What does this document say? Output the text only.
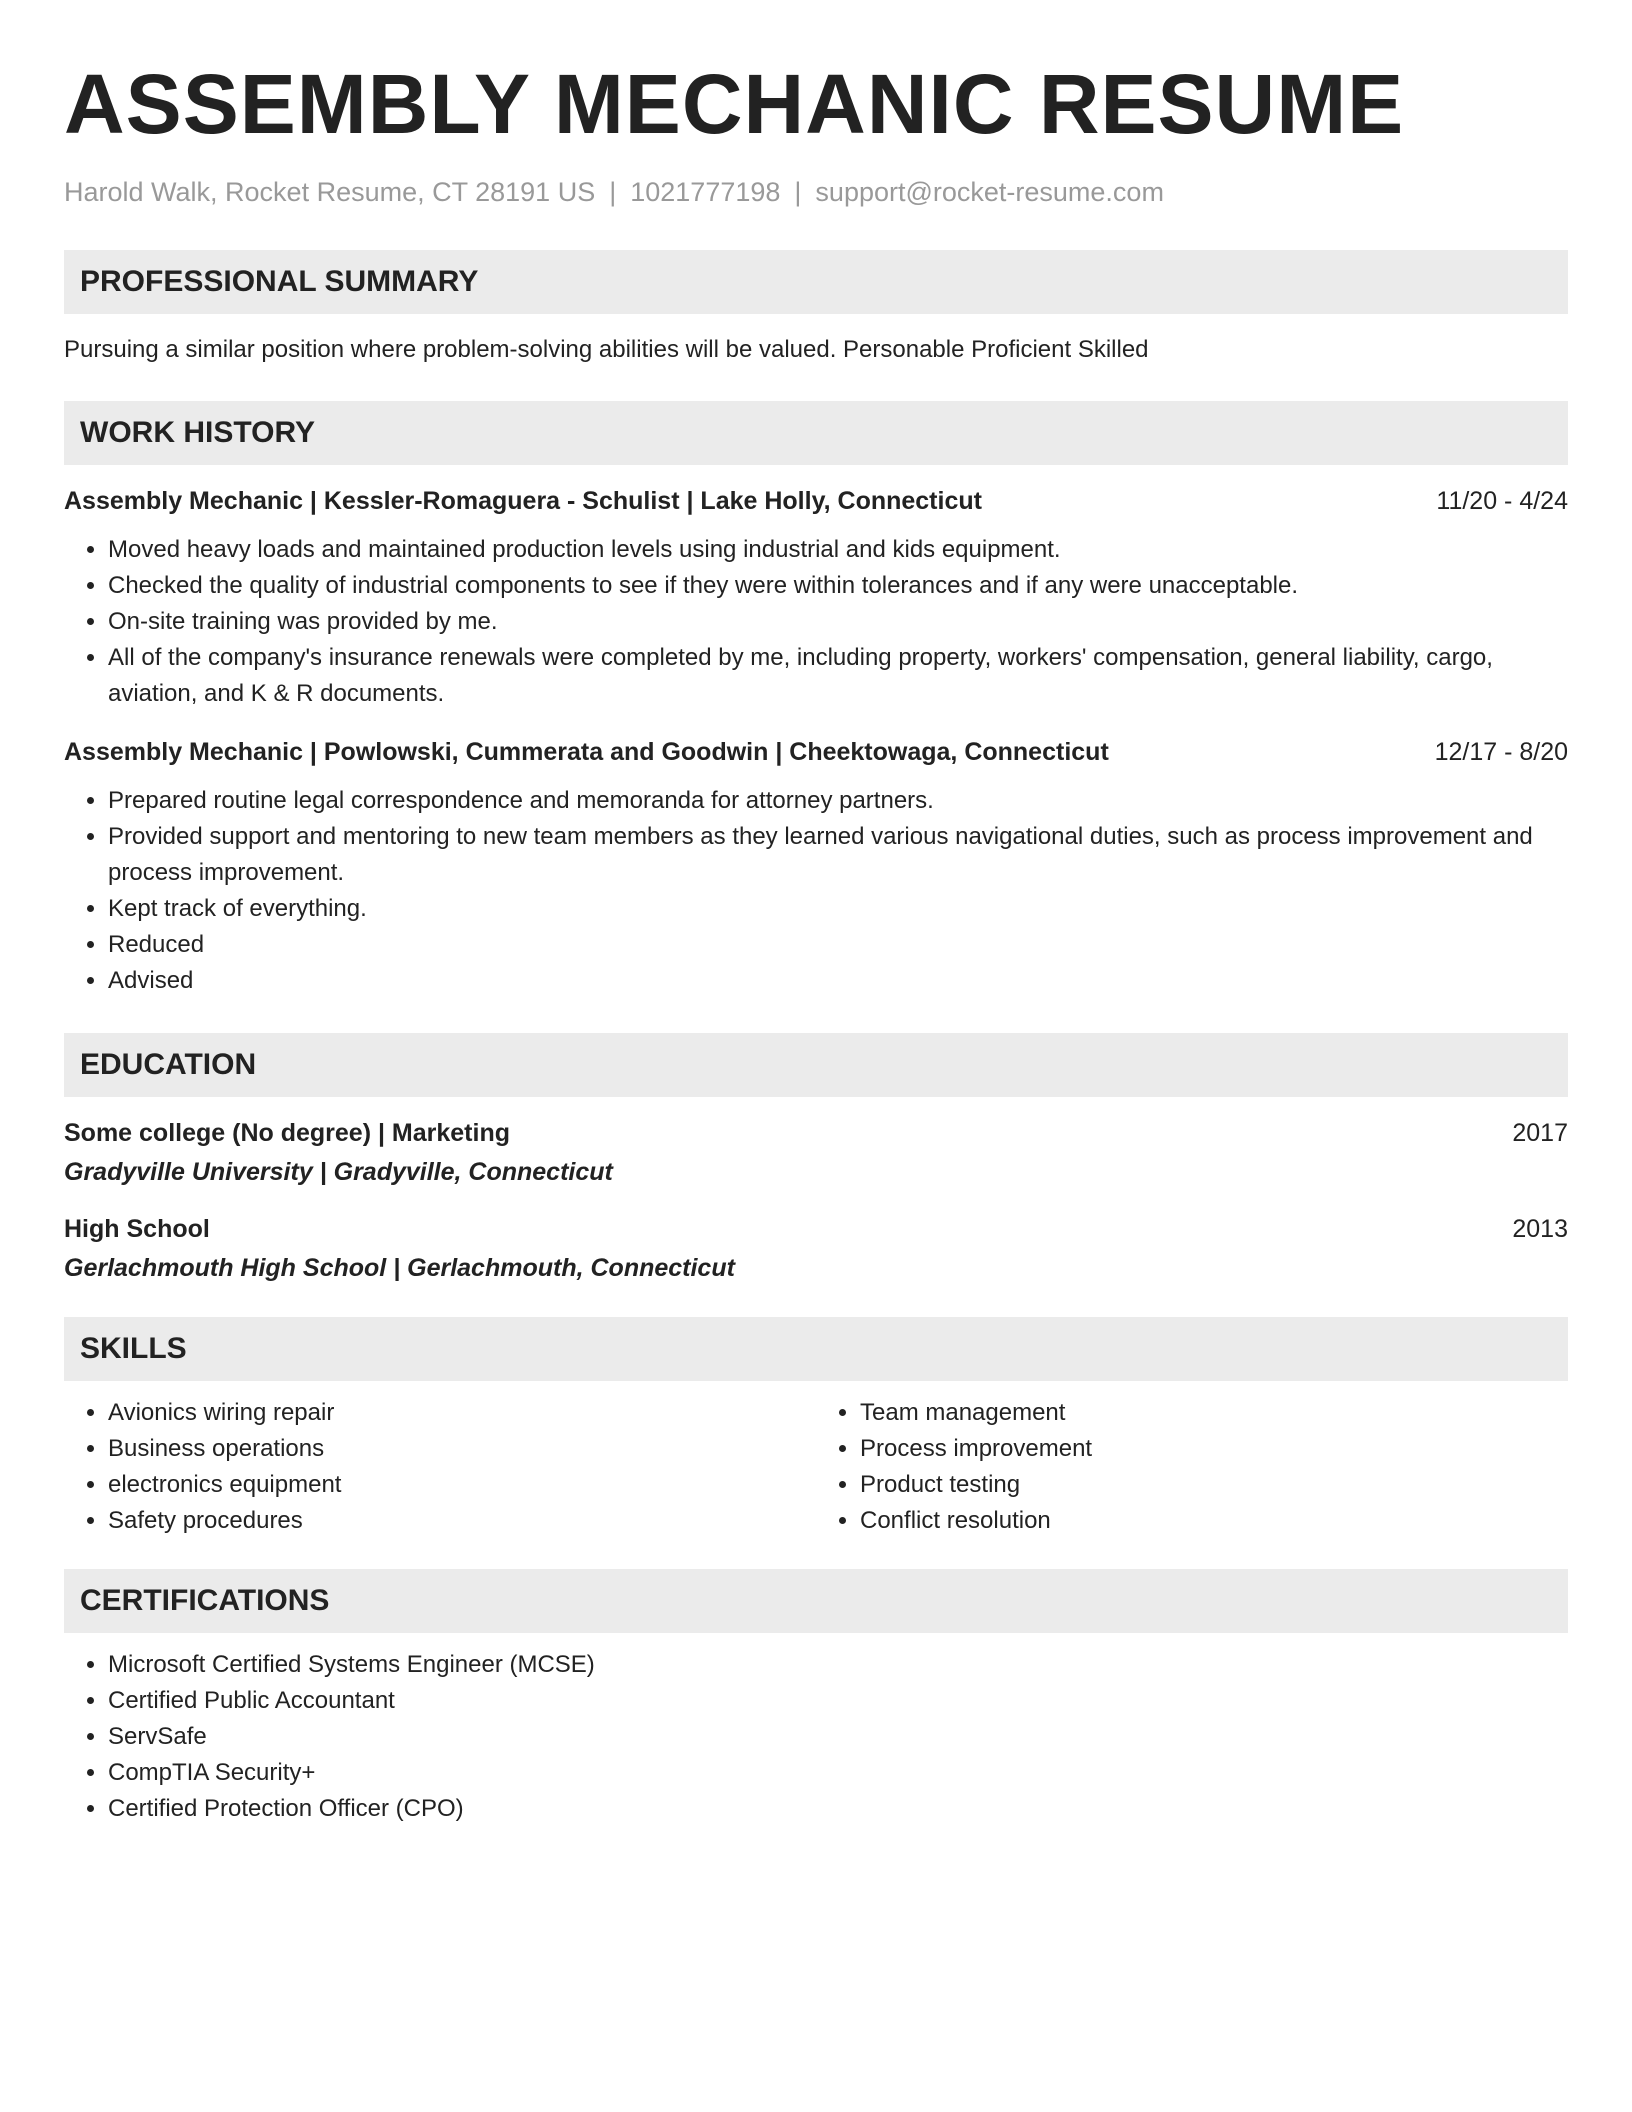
ASSEMBLY MECHANIC RESUME
Harold Walk, Rocket Resume, CT 28191 US | 1021777198 | support@rocket-resume.com
PROFESSIONAL SUMMARY
Pursuing a similar position where problem-solving abilities will be valued. Personable Proficient Skilled
WORK HISTORY
Assembly Mechanic | Kessler-Romaguera - Schulist | Lake Holly, Connecticut	11/20 - 4/24
• Moved heavy loads and maintained production levels using industrial and kids equipment.
• Checked the quality of industrial components to see if they were within tolerances and if any were unacceptable.
• On-site training was provided by me.
• All of the company's insurance renewals were completed by me, including property, workers' compensation, general liability, cargo, aviation, and K & R documents.
Assembly Mechanic | Powlowski, Cummerata and Goodwin | Cheektowaga, Connecticut	12/17 - 8/20
• Prepared routine legal correspondence and memoranda for attorney partners.
• Provided support and mentoring to new team members as they learned various navigational duties, such as process improvement and process improvement.
• Kept track of everything.
• Reduced
• Advised
EDUCATION
Some college (No degree) | Marketing	2017
Gradyville University | Gradyville, Connecticut
High School	2013
Gerlachmouth High School | Gerlachmouth, Connecticut
SKILLS
• Avionics wiring repair
• Business operations
• electronics equipment
• Safety procedures
• Team management
• Process improvement
• Product testing
• Conflict resolution
CERTIFICATIONS
• Microsoft Certified Systems Engineer (MCSE)
• Certified Public Accountant
• ServSafe
• CompTIA Security+
• Certified Protection Officer (CPO)
